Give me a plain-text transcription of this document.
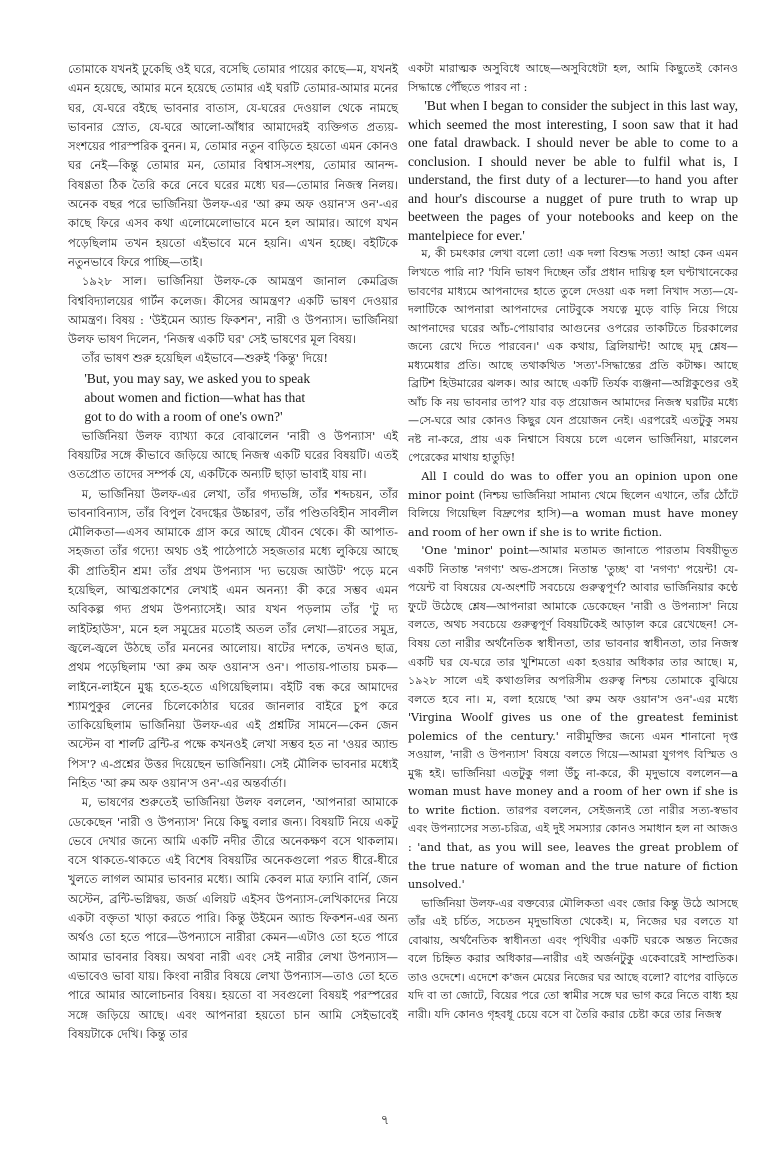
তোমাকে যখনই ঢুকেছি ওই ঘরে, বসেছি তোমার পায়ের কাছে—ম, যখনই এমন হয়েছে, আমার মনে হয়েছে তোমার এই ঘরটি তোমার-আমার মনের ঘর, যে-ঘরে বইছে ভাবনার বাতাস, যে-ঘরের দেওয়াল থেকে নামছে ভাবনার স্রোত, যে-ঘরে আলো-আঁধার আমাদেরই ব্যক্তিগত প্রত্যয়-সংশয়ের পারস্পরিক বুনন। ম, তোমার নতুন বাড়িতে হয়তো এমন কোনও ঘর নেই—কিন্তু তোমার মন, তোমার বিশ্বাস-সংশয়, তোমার আনন্দ-বিষণ্ণতা ঠিক তৈরি করে নেবে ঘরের মধ্যে ঘর—তোমার নিজস্ব নিলয়। অনেক বছর পরে ভার্জিনিয়া উলফ-এর 'আ রুম অফ ওয়ান'স ওন'-এর কাছে ফিরে এসব কথা এলোমেলোভাবে মনে হল আমার। আগে যখন পড়েছিলাম তখন হয়তো এইভাবে মনে হয়নি। এখন হচ্ছে। বইটিকে নতুনভাবে ফিরে পাচ্ছি—তাই।

১৯২৮ সাল। ভার্জিনিয়া উলফ-কে আমন্ত্রণ জানাল কেমব্রিজ বিশ্ববিদ্যালয়ের গার্টন কলেজ। কীসের আমন্ত্রণ? একটি ভাষণ দেওয়ার আমন্ত্রণ। বিষয় : 'উইমেন অ্যান্ড ফিকশন', নারী ও উপন্যাস। ভার্জিনিয়া উলফ ভাষণ দিলেন, 'নিজস্ব একটি ঘর' সেই ভাষণের মূল বিষয়।

তাঁর ভাষণ শুরু হয়েছিল এইভাবে—শুরুই 'কিন্তু' দিয়ে!

'But, you may say, we asked you to speak

about women and fiction—what has that

got to do with a room of one's own?'

ভার্জিনিয়া উলফ ব্যাখ্যা করে বোঝালেন 'নারী ও উপন্যাস' এই বিষয়টির সঙ্গে কীভাবে জড়িয়ে আছে নিজস্ব একটি ঘরের বিষয়টি। এতই ওতপ্রোত তাদের সম্পর্ক যে, একটিকে অন্যটি ছাড়া ভাবাই যায় না।

ম, ভার্জিনিয়া উলফ-এর লেখা, তাঁর গদ্যভঙ্গি, তাঁর শব্দচয়ন, তাঁর ভাবনাবিন্যাস, তাঁর বিপুল বৈদগ্ধের উচ্চারণ, তাঁর পণ্ডিতবিহীন সাবলীল মৌলিকতা—এসব আমাকে গ্রাস করে আছে যৌবন থেকে। কী আপাত-সহজতা তাঁর গদ্যে! অথচ ওই পাঠেপাঠে সহজতার মধ্যে লুকিয়ে আছে কী প্রাতিহীন শ্রম! তাঁর প্রথম উপন্যাস 'দ্য ভয়েজ আউট' পড়ে মনে হয়েছিল, আত্মপ্রকাশের লেখাই এমন অনন্য! কী করে সম্ভব এমন অবিকল্প গদ্য প্রথম উপন্যাসেই। আর যখন পড়লাম তাঁর 'টু দ্য লাইটহাউস', মনে হল সমুদ্রের মতোই অতল তাঁর লেখা—রাতের সমুদ্র, জ্বলে-জ্বলে উঠছে তাঁর মননের আলোয়। ষাটের দশকে, তখনও ছাত্র, প্রথম পড়েছিলাম 'আ রুম অফ ওয়ান'স ওন'। পাতায়-পাতায় চমক—লাইনে-লাইনে মুগ্ধ হতে-হতে এগিয়েছিলাম। বইটি বন্ধ করে আমাদের শ্যামপুকুর লেনের চিলেকোঠার ঘরের জানলার বাইরে চুপ করে তাকিয়েছিলাম ভার্জিনিয়া উলফ-এর এই প্রশ্নটির সামনে—কেন জেন অস্টেন বা শার্লট ব্রন্টি-র পক্ষে কখনওই লেখা সম্ভব হত না 'ওয়র অ্যান্ড পিস'? এ-প্রশ্নের উত্তর দিয়েছেন ভার্জিনিয়া। সেই মৌলিক ভাবনার মধ্যেই নিহিত 'আ রুম অফ ওয়ান'স ওন'-এর অন্তর্বার্তা।

ম, ভাষণের শুরুতেই ভার্জিনিয়া উলফ বললেন, 'আপনারা আমাকে ডেকেছেন 'নারী ও উপন্যাস' নিয়ে কিছু বলার জন্য। বিষয়টি নিয়ে একটু ভেবে দেখার জন্যে আমি একটি নদীর তীরে অনেকক্ষণ বসে থাকলাম। বসে থাকতে-থাকতে এই বিশেষ বিষয়টির অনেকগুলো পরত ধীরে-ধীরে খুলতে লাগল আমার ভাবনার মধ্যে। আমি কেবল মাত্র ফ্যানি বার্নি, জেন অস্টেন, ব্রন্টি-ভগ্নিদ্বয়, জর্জ এলিয়ট এইসব উপন্যাস-লেখিকাদের নিয়ে একটা বক্তৃতা খাড়া করতে পারি। কিন্তু উইমেন অ্যান্ড ফিকশন-এর অন্য অর্থও তো হতে পারে—উপন্যাসে নারীরা কেমন—এটাও তো হতে পারে আমার ভাবনার বিষয়। অথবা নারী এবং সেই নারীর লেখা উপন্যাস—এভাবেও ভাবা যায়। কিংবা নারীর বিষয়ে লেখা উপন্যাস—তাও তো হতে পারে আমার আলোচনার বিষয়। হয়তো বা সবগুলো বিষয়ই পরস্পরের সঙ্গে জড়িয়ে আছে। এবং আপনারা হয়তো চান আমি সেইভাবেই বিষয়টাকে দেখি। কিন্তু তার

একটা মারাত্মক অসুবিধে আছে—অসুবিধেটা হল, আমি কিছুতেই কোনও সিদ্ধান্তে পৌঁছতে পারব না :

'But when I began to consider the subject in this last way, which seemed the most interesting, I soon saw that it had one fatal drawback. I should never be able to come to a conclusion. I should never be able to fulfil what is, I understand, the first duty of a lecturer—to hand you after and hour's discourse a nugget of pure truth to wrap up beetween the pages of your notebooks and keep on the mantelpiece for ever.'

ম, কী চমৎকার লেখা বলো তো! এক দলা বিশুদ্ধ সত্য! আহা কেন এমন লিখতে পারি না? 'যিনি ভাষণ দিচ্ছেন তাঁর প্রধান দায়িত্ব হল ঘণ্টাখানেকের ভাবণের মাধ্যমে আপনাদের হাতে তুলে দেওয়া এক দলা নিখাদ সত্য—যে-দলাটিকে আপনারা আপনাদের নোটবুকে সযত্নে মুড়ে বাড়ি নিয়ে গিয়ে আপনাদের ঘরের আঁচ-পোয়াবার আগুনের ওপরের তাকটিতে চিরকালের জন্যে রেখে দিতে পারবেন।' এক কথায়, ব্রিলিয়ান্ট! আছে মৃদু শ্লেষ—মধ্যমেধার প্রতি। আছে তথাকথিত 'সত্য'-সিদ্ধান্তের প্রতি কটাক্ষ। আছে ব্রিটিশ হিউমারের ঝলক। আর আছে একটি তির্যক ব্যঞ্জনা—অগ্নিকুণ্ডের ওই আঁচ কি নয় ভাবনার তাপ? যার বড় প্রয়োজন আমাদের নিজস্ব ঘরটির মধ্যে—সে-ঘরে আর কোনও কিছুর যেন প্রয়োজন নেই। এরপরেই এতটুকু সময় নষ্ট না-করে, প্রায় এক নিশ্বাসে বিষয়ে চলে এলেন ভার্জিনিয়া, মারলেন পেরেকের মাথায় হাতুড়ি!

All I could do was to offer you an opinion upon one minor point (নিশ্চয় ভার্জিনিয়া সামান্য থেমে ছিলেন এখানে, তাঁর ঠোঁটে বিলিয়ে গিয়েছিল বিদ্রুপের হাসি)—a woman must have money and room of her own if she is to write fiction.

'One 'minor' point—আমার মতামত জানাতে পারতাম বিষয়ীভূত একটি নিতান্ত 'নগণ্য' অভ-প্রসঙ্গে। নিতান্ত 'তুচ্ছ' বা 'নগণ্য' পয়েন্ট! যে-পয়েন্ট বা বিষয়ের যে-অংশটি সবচেয়ে গুরুত্বপূর্ণ? আবার ভার্জিনিয়ার কণ্ঠে ফুটে উঠেছে শ্লেষ—আপনারা আমাকে ডেকেছেন 'নারী ও উপন্যাস' নিয়ে বলতে, অথচ সবচেয়ে গুরুত্বপূর্ণ বিষয়টিকেই আড়াল করে রেখেছেন! সে-বিষয় তো নারীর অর্থনৈতিক স্বাধীনতা, তার ভাবনার স্বাধীনতা, তার নিজস্ব একটি ঘর যে-ঘরে তার খুশিমতো একা হওয়ার অধিকার তার আছে। ম, ১৯২৮ সালে এই কথাগুলির অপরিসীম গুরুত্ব নিশ্চয় তোমাকে বুঝিয়ে বলতে হবে না। ম, বলা হয়েছে 'আ রুম অফ ওয়ান'স ওন'-এর মধ্যে 'Virgina Woolf gives us one of the greatest feminist polemics of the century.' নারীমুক্তির জন্যে এমন শানানো দৃপ্ত সওয়াল, 'নারী ও উপন্যাস' বিষয়ে বলতে গিয়ে—আমরা যুগপৎ বিস্মিত ও মুগ্ধ হই। ভার্জিনিয়া এতটুকু গলা উঁচু না-করে, কী মৃদুভাষে বললেন—a woman must have money and a room of her own if she is to write fiction. তারপর বললেন, সেইজন্যই তো নারীর সত্য-স্বভাব এবং উপন্যাসের সত্য-চরিত্র, এই দুই সমস্যার কোনও সমাধান হল না আজও : 'and that, as you will see, leaves the great problem of the true nature of woman and the true nature of fiction unsolved.'

ভার্জিনিয়া উলফ-এর বক্তব্যের মৌলিকতা এবং জোর কিন্তু উঠে আসছে তাঁর এই চর্চিত, সচেতন মৃদুভাষিতা থেকেই। ম, নিজের ঘর বলতে যা বোঝায়, অর্থনৈতিক স্বাধীনতা এবং পৃথিবীর একটি ঘরকে অন্তত নিজের বলে চিহ্নিত করার অধিকার—নারীর এই অর্জনটুকু একেবারেই সাম্প্রতিক। তাও ওদেশে। এদেশে ক'জন মেয়ের নিজের ঘর আছে বলো? বাপের বাড়িতে যদি বা তা জোটে, বিয়ের পরে তো স্বামীর সঙ্গে ঘর ভাগ করে নিতে বাধ্য হয় নারী। যদি কোনও গৃহবধূ চেয়ে বসে বা তৈরি করার চেষ্টা করে তার নিজস্ব

৭
